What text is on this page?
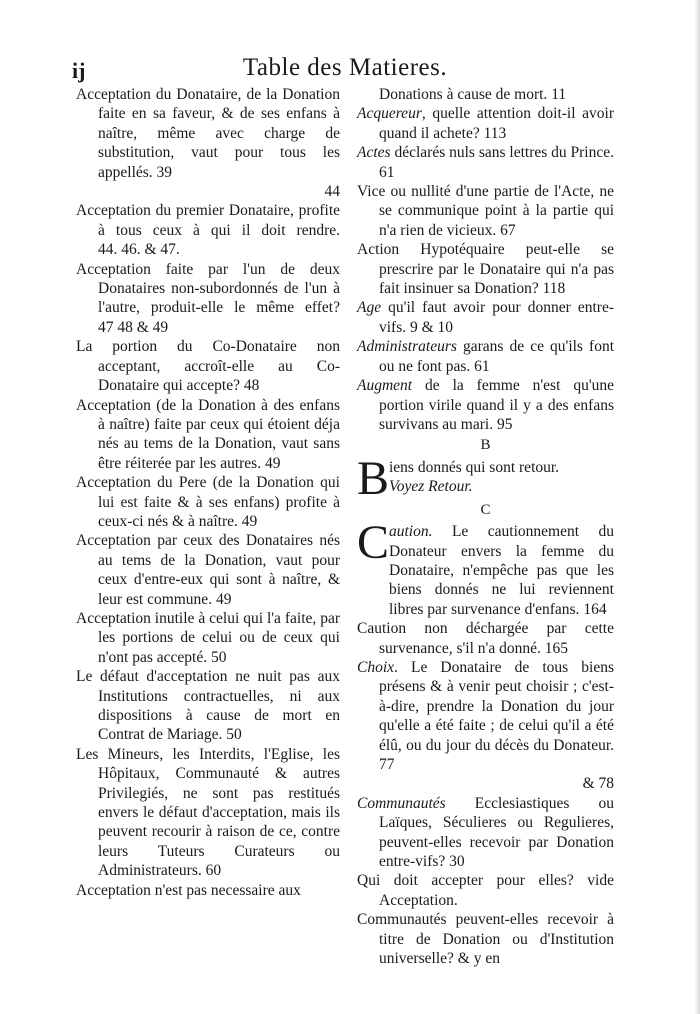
ij	Table des Matieres.

Acceptation du Donataire, de la Donation faite en sa faveur, & de ses enfans à naître, même avec charge de substitution, vaut pour tous les appellés. 39

44

Acceptation du premier Donataire, profite à tous ceux à qui il doit rendre. 44. 46. & 47.

Acceptation faite par l'un de deux Donataires non-subordonnés de l'un à l'autre, produit-elle le même effet? 47 48 & 49

La portion du Co-Donataire non acceptant, accroît-elle au Co-Donataire qui accepte? 48

Acceptation (de la Donation à des enfans à naître) faite par ceux qui étoient déja nés au tems de la Donation, vaut sans être réiterée par les autres. 49

Acceptation du Pere (de la Donation qui lui est faite & à ses enfans) profite à ceux-ci nés & à naître. 49

Acceptation par ceux des Donataires nés au tems de la Donation, vaut pour ceux d'entre-eux qui sont à naître, & leur est commune. 49

Acceptation inutile à celui qui l'a faite, par les portions de celui ou de ceux qui n'ont pas accepté. 50

Le défaut d'acceptation ne nuit pas aux Institutions contractuelles, ni aux dispositions à cause de mort en Contrat de Mariage. 50

Les Mineurs, les Interdits, l'Eglise, les Hôpitaux, Communauté & autres Privilegiés, ne sont pas restitués envers le défaut d'acceptation, mais ils peuvent recourir à raison de ce, contre leurs Tuteurs Curateurs ou Administrateurs. 60

Acceptation n'est pas necessaire aux

Donations à cause de mort. 11

Acquereur, quelle attention doit-il avoir quand il achete? 113

Actes déclarés nuls sans lettres du Prince. 61

Vice ou nullité d'une partie de l'Acte, ne se communique point à la partie qui n'a rien de vicieux. 67

Action Hypotéquaire peut-elle se prescrire par le Donataire qui n'a pas fait insinuer sa Donation? 118

Age qu'il faut avoir pour donner entre-vifs. 9 & 10

Administrateurs garans de ce qu'ils font ou ne font pas. 61

Augment de la femme n'est qu'une portion virile quand il y a des enfans survivans au mari. 95

B
B iens donnés qui sont retour.
Voyez Retour.
C
C aution. Le cautionnement du Donateur envers la femme du Donataire, n'empêche pas que les biens donnés ne lui reviennent libres par survenance d'enfans. 164

Caution non déchargée par cette survenance, s'il n'a donné. 165

Choix. Le Donataire de tous biens présens & à venir peut choisir ; c'est-à-dire, prendre la Donation du jour qu'elle a été faite ; de celui qu'il a été élû, ou du jour du décès du Donateur. 77

& 78

Communautés Ecclesiastiques ou Laïques, Séculieres ou Regulieres, peuvent-elles recevoir par Donation entre-vifs? 30

Qui doit accepter pour elles? vide Acceptation.

Communautés peuvent-elles recevoir à titre de Donation ou d'Institution universelle? & y en
